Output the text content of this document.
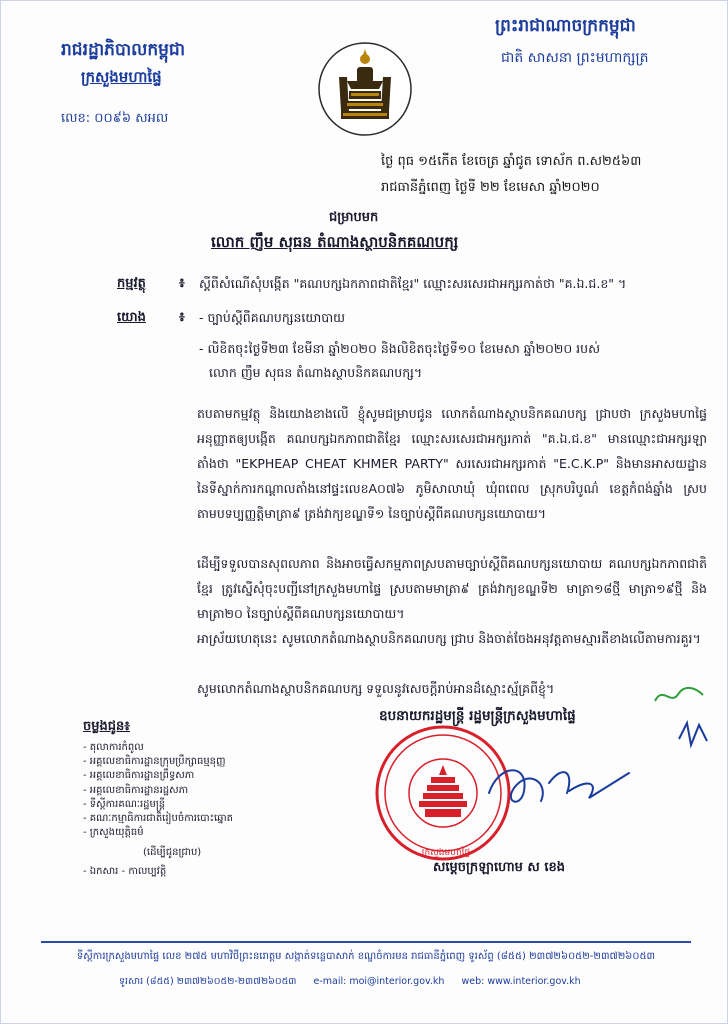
រាជរដ្ឋាភិបាលកម្ពុជា
ក្រសួងមហាផ្ទៃ
លេខ: ០០៩៦ សអល
ព្រះរាជាណាចក្រកម្ពុជា
ជាតិ សាសនា ព្រះមហាក្សត្រ
ថ្ងៃ ពុធ ១៥កើត ខែចេត្រ ឆ្នាំជូត ទោស័ក ព.ស២៥៦៣
រាជធានីភ្នំពេញ ថ្ងៃទី ២២ ខែមេសា ឆ្នាំ២០២០
ជម្រាបមក
លោក ញឹម សុធន តំណាងស្ថាបនិកគណបក្ស
កម្មវត្ថុ	៖ ស្តីពីសំណើសុំបង្កើត "គណបក្សឯកភាពជាតិខ្មែរ" ឈ្មោះសរសេរជាអក្សរកាត់ថា "គ.ឯ.ជ.ខ" ។
យោង	៖ - ច្បាប់ស្តីពីគណបក្សនយោបាយ
- លិខិតចុះថ្ងៃទី២៣ ខែមីនា ឆ្នាំ២០២០ និងលិខិតចុះថ្ងៃទី១០ ខែមេសា ឆ្នាំ២០២០ របស់
លោក ញឹម សុធន តំណាងស្ថាបនិកគណបក្ស។
តបតាមកម្មវត្ថុ និងយោងខាងលើ ខ្ញុំសូមជម្រាបជូន លោកតំណាងស្ថាបនិកគណបក្ស ជ្រាបថា ក្រសួងមហាផ្ទៃ អនុញ្ញាតឲ្យបង្កើត គណបក្សឯកភាពជាតិខ្មែរ ឈ្មោះសរសេរជាអក្សរកាត់ "គ.ឯ.ជ.ខ" មានឈ្មោះជាអក្សរឡាតាំងថា "EKPHEAP CHEAT KHMER PARTY" សរសេរជាអក្សរកាត់ "E.C.K.P" និងមានអាសយដ្ឋាននៃទីស្នាក់ការកណ្តាលតាំងនៅផ្ទះលេខA០៧៦ ភូមិសាលាឃុំ ឃុំពពេល ស្រុកបរិបូណ៌ ខេត្តកំពង់ឆ្នាំង ស្របតាមបទប្បញ្ញត្តិមាត្រា៩ ត្រង់វាក្យខណ្ឌទី១ នៃច្បាប់ស្តីពីគណបក្សនយោបាយ។
ដើម្បីទទួលបានសុពលភាព និងអាចធ្វើសកម្មភាពស្របតាមច្បាប់ស្តីពីគណបក្សនយោបាយ គណបក្សឯកភាពជាតិខ្មែរ ត្រូវស្នើសុំចុះបញ្ជីនៅក្រសួងមហាផ្ទៃ ស្របតាមមាត្រា៩ ត្រង់វាក្យខណ្ឌទី២ មាត្រា១៨ថ្មី មាត្រា១៩ថ្មី និងមាត្រា២០ នៃច្បាប់ស្តីពីគណបក្សនយោបាយ។
អាស្រ័យហេតុនេះ សូមលោកតំណាងស្ថាបនិកគណបក្ស ជ្រាប និងចាត់ចែងអនុវត្តតាមស្មារតីខាងលើតាមការគួរ។
សូមលោកតំណាងស្ថាបនិកគណបក្ស ទទួលនូវសេចក្តីរាប់អានដ៏ស្មោះស្ម័គ្រពីខ្ញុំ។
ចម្លងជូន៖
- តុលាការកំពូល
- អគ្គលេខាធិការដ្ឋានក្រុមប្រឹក្សាធម្មនុញ្ញ
- អគ្គលេខាធិការដ្ឋានព្រឹទ្ធសភា
- អគ្គលេខាធិការដ្ឋានរដ្ឋសភា
- ទីស្តីការគណៈរដ្ឋមន្ត្រី
- គណៈកម្មាធិការជាតិរៀបចំការបោះឆ្នោត
- ក្រសួងយុត្តិធម៌
(ដើម្បីជូនជ្រាប)
- ឯកសារ - កាលប្បវត្តិ
ឧបនាយករដ្ឋមន្ត្រី រដ្ឋមន្ត្រីក្រសួងមហាផ្ទៃ
ក្រសួងមហាផ្ទៃ
សម្តេចក្រឡាហោម ស ខេង
ទីស្តីការក្រសួងមហាផ្ទៃ លេខ ២៧៥ មហាវិថីព្រះនរោត្តម សង្កាត់ទន្លេបាសាក់ ខណ្ឌចំការមន រាជធានីភ្នំពេញ ទូរស័ព្ទ (៨៥៥) ២៣៧២៦០៥២-២៣៧២៦០៥៣
ទូរសារ (៨៥៥) ២៣៧២៦០៥២-២៣៧២៦០៥៣ e-mail: moi@interior.gov.kh web: www.interior.gov.kh
